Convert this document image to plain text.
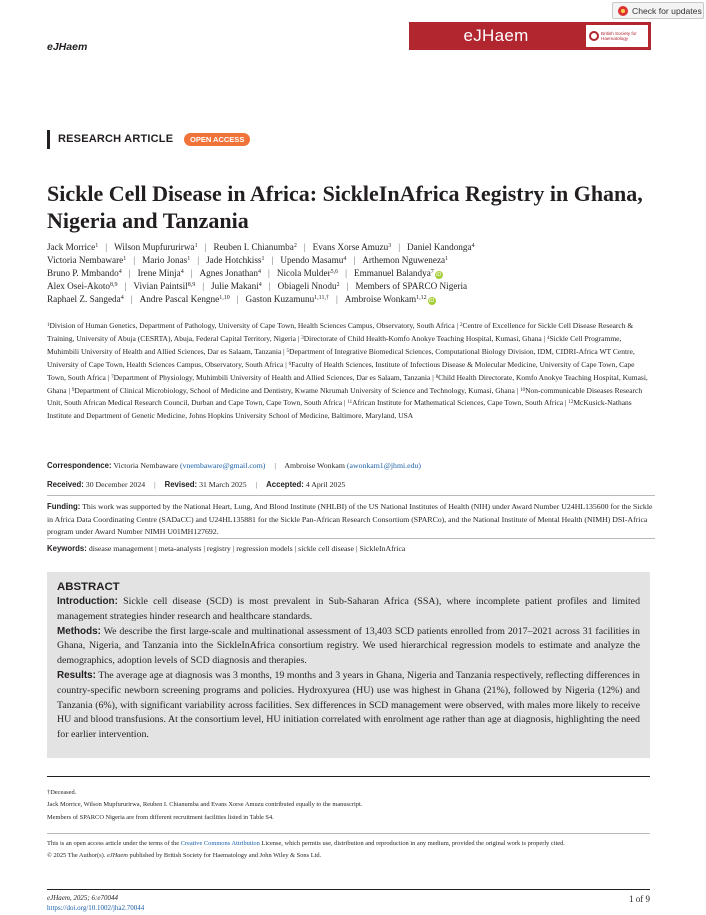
Check for updates
eJHaem
eJHaem	British Society for
Haematology
RESEARCH ARTICLE	OPEN ACCESS
Sickle Cell Disease in Africa: SickleInAfrica Registry in Ghana, Nigeria and Tanzania
Jack Morrice$^1$ | Wilson Mupfururirwa$^1$ | Reuben I. Chianumba$^2$ | Evans Xorse Amuzu$^3$ | Daniel Kandonga$^4$
Victoria Nembaware$^1$ | Mario Jonas$^1$ | Jade Hotchkiss$^1$ | Upendo Masamu$^4$ | Arthemon Nguweneza$^1$
Bruno P. Mmbando$^4$ | Irene Minja$^4$ | Agnes Jonathan$^4$ | Nicola Mulder$^{5,6}$ | Emmanuel Balandya$^7$ iD
Alex Osei-Akoto$^{8,9}$ | Vivian Paintsil$^{8,9}$ | Julie Makani$^4$ | Obiageli Nnodu$^2$ | Members of SPARCO Nigeria
Raphael Z. Sangeda$^4$ | Andre Pascal Kengne$^{1,10}$ | Gaston Kuzamunu$^{1,11,\dagger}$ | Ambroise Wonkam$^{1,12}$ iD
$^1$Division of Human Genetics, Department of Pathology, University of Cape Town, Health Sciences Campus, Observatory, South Africa | $^2$Centre of Excellence for Sickle Cell Disease Research & Training, University of Abuja (CESRTA), Abuja, Federal Capital Territory, Nigeria | $^3$Directorate of Child Health-Komfo Anokye Teaching Hospital, Kumasi, Ghana | $^4$Sickle Cell Programme, Muhimbili University of Health and Allied Sciences, Dar es Salaam, Tanzania | $^5$Department of Integrative Biomedical Sciences, Computational Biology Division, IDM, CIDRI-Africa WT Centre, University of Cape Town, Health Sciences Campus, Observatory, South Africa | $^6$Faculty of Health Sciences, Institute of Infectious Disease & Molecular Medicine, University of Cape Town, Cape Town, South Africa | $^7$Department of Physiology, Muhimbili University of Health and Allied Sciences, Dar es Salaam, Tanzania | $^8$Child Health Directorate, Komfo Anokye Teaching Hospital, Kumasi, Ghana | $^9$Department of Clinical Microbiology, School of Medicine and Dentistry, Kwame Nkrumah University of Science and Technology, Kumasi, Ghana | $^{10}$Non-communicable Diseases Research Unit, South African Medical Research Council, Durban and Cape Town, Cape Town, South Africa | $^{11}$African Institute for Mathematical Sciences, Cape Town, South Africa | $^{12}$McKusick-Nathans Institute and Department of Genetic Medicine, Johns Hopkins University School of Medicine, Baltimore, Maryland, USA
Correspondence: Victoria Nembaware (vnembaware@gmail.com) | Ambroise Wonkam (awonkam1@jhmi.edu)
Received: 30 December 2024 | Revised: 31 March 2025 | Accepted: 4 April 2025
Funding: This work was supported by the National Heart, Lung, And Blood Institute (NHLBI) of the US National Institutes of Health (NIH) under Award Number U24HL135600 for the Sickle in Africa Data Coordinating Centre (SADaCC) and U24HL135881 for the Sickle Pan-African Research Consortium (SPARCo), and the National Institute of Mental Health (NIMH) DSI-Africa program under Award Number NIMH U01MH127692.
Keywords: disease management | meta-analysts | registry | regression models | sickle cell disease | SickleInAfrica
ABSTRACT

Introduction: Sickle cell disease (SCD) is most prevalent in Sub-Saharan Africa (SSA), where incomplete patient profiles and limited management strategies hinder research and healthcare standards.

Methods: We describe the first large-scale and multinational assessment of 13,403 SCD patients enrolled from 2017–2021 across 31 facilities in Ghana, Nigeria, and Tanzania into the SickleInAfrica consortium registry. We used hierarchical regression models to estimate and analyze the demographics, adoption levels of SCD diagnosis and therapies.

Results: The average age at diagnosis was 3 months, 19 months and 3 years in Ghana, Nigeria and Tanzania respectively, reflecting differences in country-specific newborn screening programs and policies. Hydroxyurea (HU) use was highest in Ghana (21%), followed by Nigeria (12%) and Tanzania (6%), with significant variability across facilities. Sex differences in SCD management were observed, with males more likely to receive HU and blood transfusions. At the consortium level, HU initiation correlated with enrolment age rather than age at diagnosis, highlighting the need for earlier intervention.

†Deceased.
Jack Morrice, Wilson Mupfururirwa, Reuben I. Chianumba and Evans Xorse Amuzu contributed equally to the manuscript.
Members of SPARCO Nigeria are from different recruitment facilities listed in Table S4.
This is an open access article under the terms of the Creative Commons Attribution License, which permits use, distribution and reproduction in any medium, provided the original work is properly cited.
© 2025 The Author(s). eJHaem published by British Society for Haematology and John Wiley & Sons Ltd.
eJHaem, 2025; 6:e70044
https://doi.org/10.1002/jha2.70044
1 of 9
